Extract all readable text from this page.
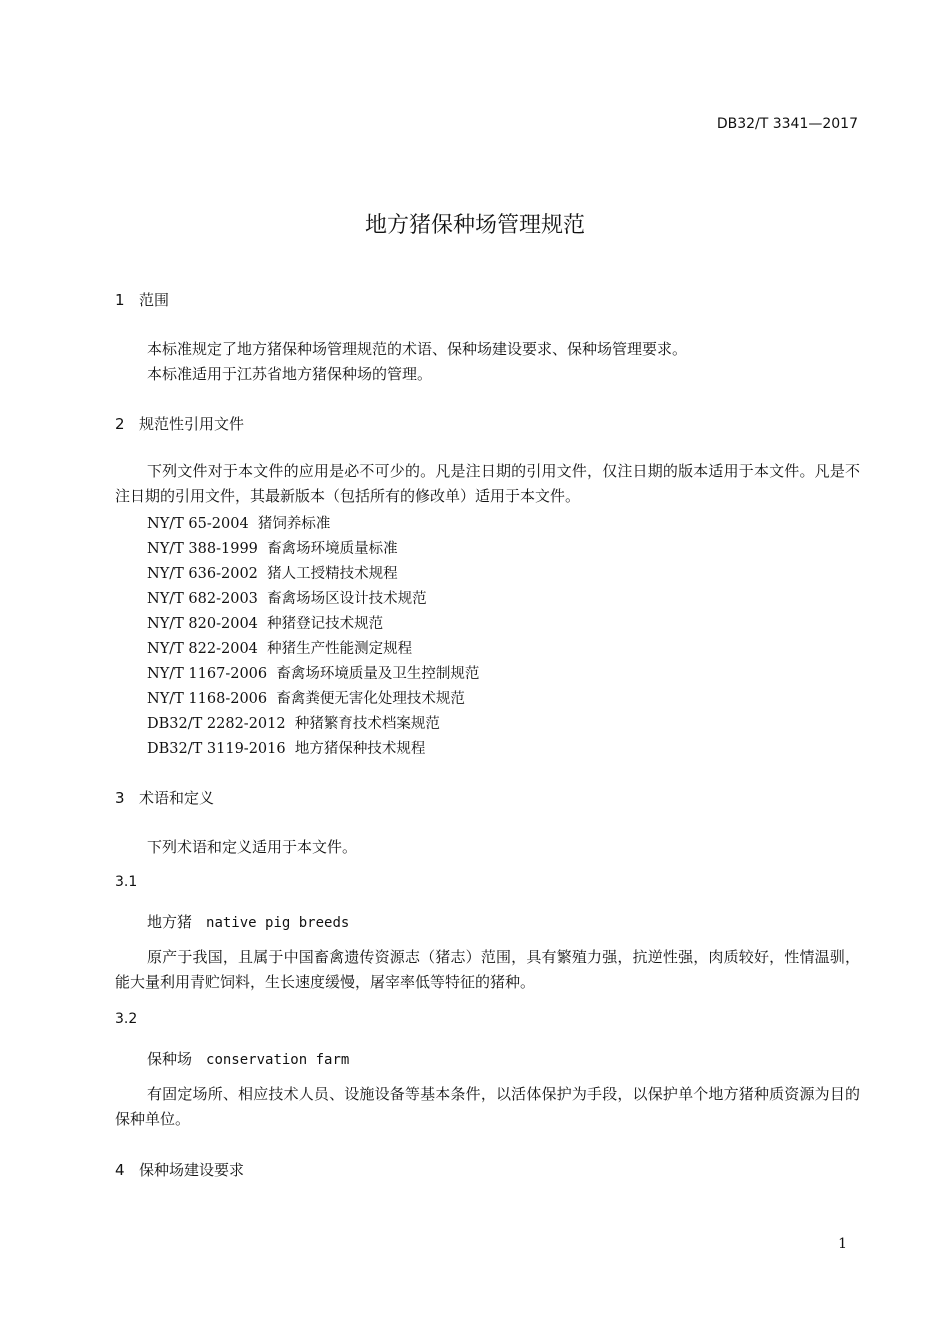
DB32/T 3341—2017
地方猪保种场管理规范
1 范围
本标准规定了地方猪保种场管理规范的术语、保种场建设要求、保种场管理要求。
本标准适用于江苏省地方猪保种场的管理。
2 规范性引用文件
下列文件对于本文件的应用是必不可少的。凡是注日期的引用文件，仅注日期的版本适用于本文件。凡是不注日期的引用文件，其最新版本（包括所有的修改单）适用于本文件。
NY/T 65-2004 猪饲养标准
NY/T 388-1999 畜禽场环境质量标准
NY/T 636-2002 猪人工授精技术规程
NY/T 682-2003 畜禽场场区设计技术规范
NY/T 820-2004 种猪登记技术规范
NY/T 822-2004 种猪生产性能测定规程
NY/T 1167-2006 畜禽场环境质量及卫生控制规范
NY/T 1168-2006 畜禽粪便无害化处理技术规范
DB32/T 2282-2012 种猪繁育技术档案规范
DB32/T 3119-2016 地方猪保种技术规程
3 术语和定义
下列术语和定义适用于本文件。
3.1
地方猪 native pig breeds
原产于我国，且属于中国畜禽遗传资源志（猪志）范围，具有繁殖力强，抗逆性强，肉质较好，性情温驯，能大量利用青贮饲料，生长速度缓慢，屠宰率低等特征的猪种。
3.2
保种场 conservation farm
有固定场所、相应技术人员、设施设备等基本条件，以活体保护为手段，以保护单个地方猪种质资源为目的保种单位。
4 保种场建设要求
1
